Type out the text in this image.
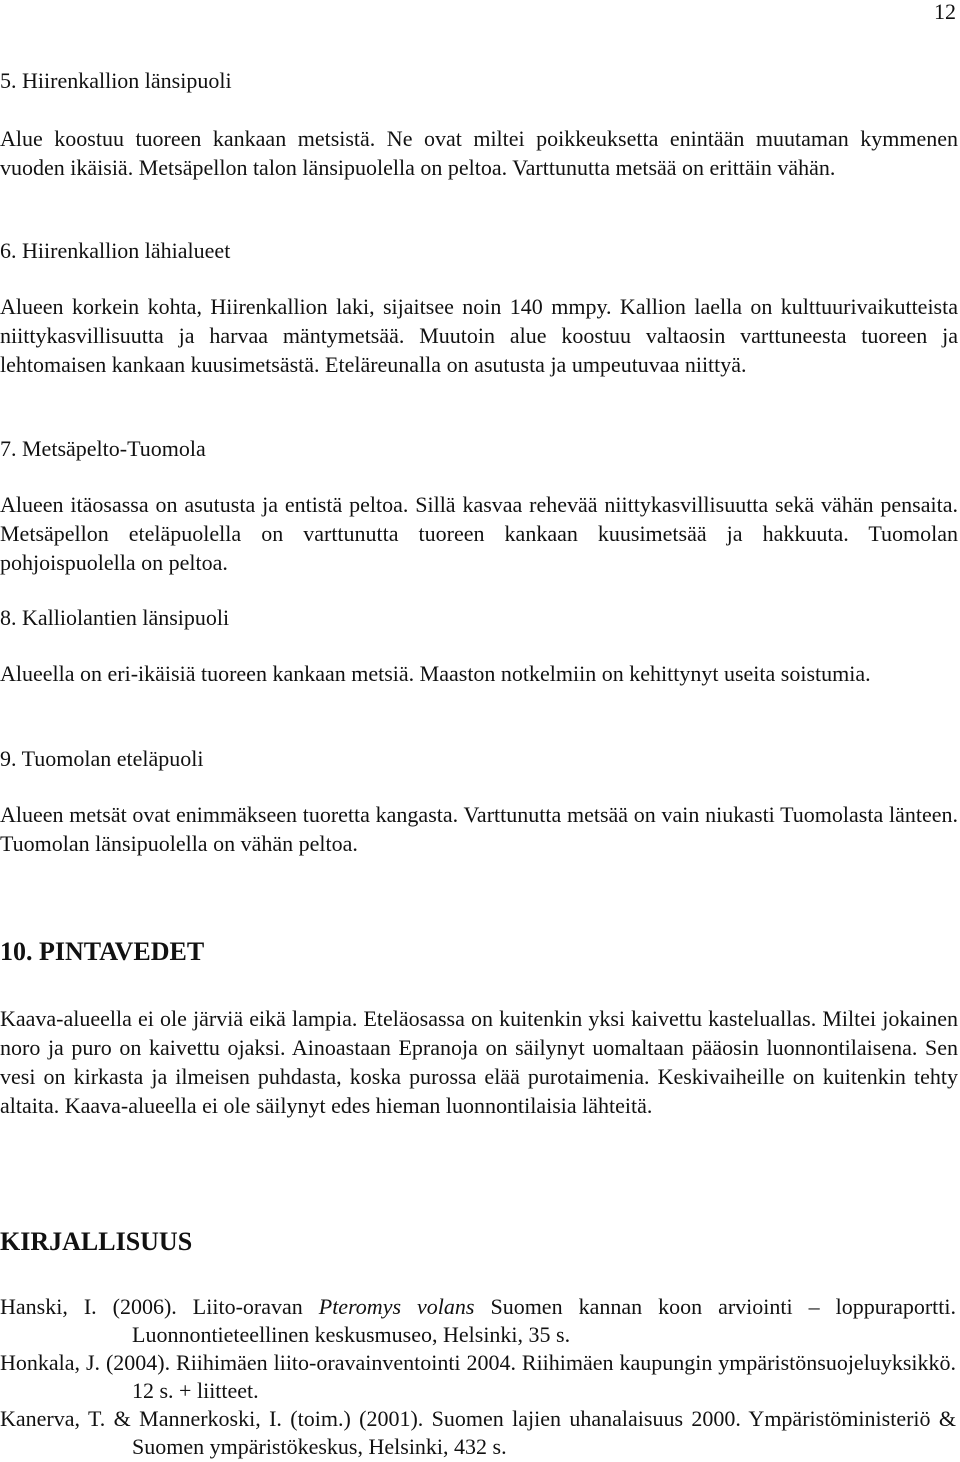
12
5. Hiirenkallion länsipuoli
Alue koostuu tuoreen kankaan metsistä. Ne ovat miltei poikkeuksetta enintään muutaman kymmenen vuoden ikäisiä. Metsäpellon talon länsipuolella on peltoa. Varttunutta metsää on erittäin vähän.
6. Hiirenkallion lähialueet
Alueen korkein kohta, Hiirenkallion laki, sijaitsee noin 140 mmpy. Kallion laella on kulttuurivaikutteista niittykasvillisuutta ja harvaa mäntymetsää. Muutoin alue koostuu valtaosin varttuneesta tuoreen ja lehtomaisen kankaan kuusimetsästä. Eteläreunalla on asutusta ja umpeutuvaa niittyä.
7. Metsäpelto-Tuomola
Alueen itäosassa on asutusta ja entistä peltoa. Sillä kasvaa rehevää niittykasvillisuutta sekä vähän pensaita. Metsäpellon eteläpuolella on varttunutta tuoreen kankaan kuusimetsää ja hakkuuta. Tuomolan pohjoispuolella on peltoa.
8. Kalliolantien länsipuoli
Alueella on eri-ikäisiä tuoreen kankaan metsiä. Maaston notkelmiin on kehittynyt useita soistumia.
9. Tuomolan eteläpuoli
Alueen metsät ovat enimmäkseen tuoretta kangasta. Varttunutta metsää on vain niukasti Tuomolasta länteen. Tuomolan länsipuolella on vähän peltoa.
10. PINTAVEDET
Kaava-alueella ei ole järviä eikä lampia. Eteläosassa on kuitenkin yksi kaivettu kasteluallas. Miltei jokainen noro ja puro on kaivettu ojaksi. Ainoastaan Epranoja on säilynyt uomaltaan pääosin luonnontilaisena. Sen vesi on kirkasta ja ilmeisen puhdasta, koska purossa elää purotaimenia. Keskivaiheille on kuitenkin tehty altaita. Kaava-alueella ei ole säilynyt edes hieman luonnontilaisia lähteitä.
KIRJALLISUUS
Hanski, I. (2006). Liito-oravan Pteromys volans Suomen kannan koon arviointi – loppuraportti. Luonnontieteellinen keskusmuseo, Helsinki, 35 s.
Honkala, J. (2004). Riihimäen liito-oravainventointi 2004. Riihimäen kaupungin ympäristönsuojeluyksikkö. 12 s. + liitteet.
Kanerva, T. & Mannerkoski, I. (toim.) (2001). Suomen lajien uhanalaisuus 2000. Ympäristöministeriö & Suomen ympäristökeskus, Helsinki, 432 s.
